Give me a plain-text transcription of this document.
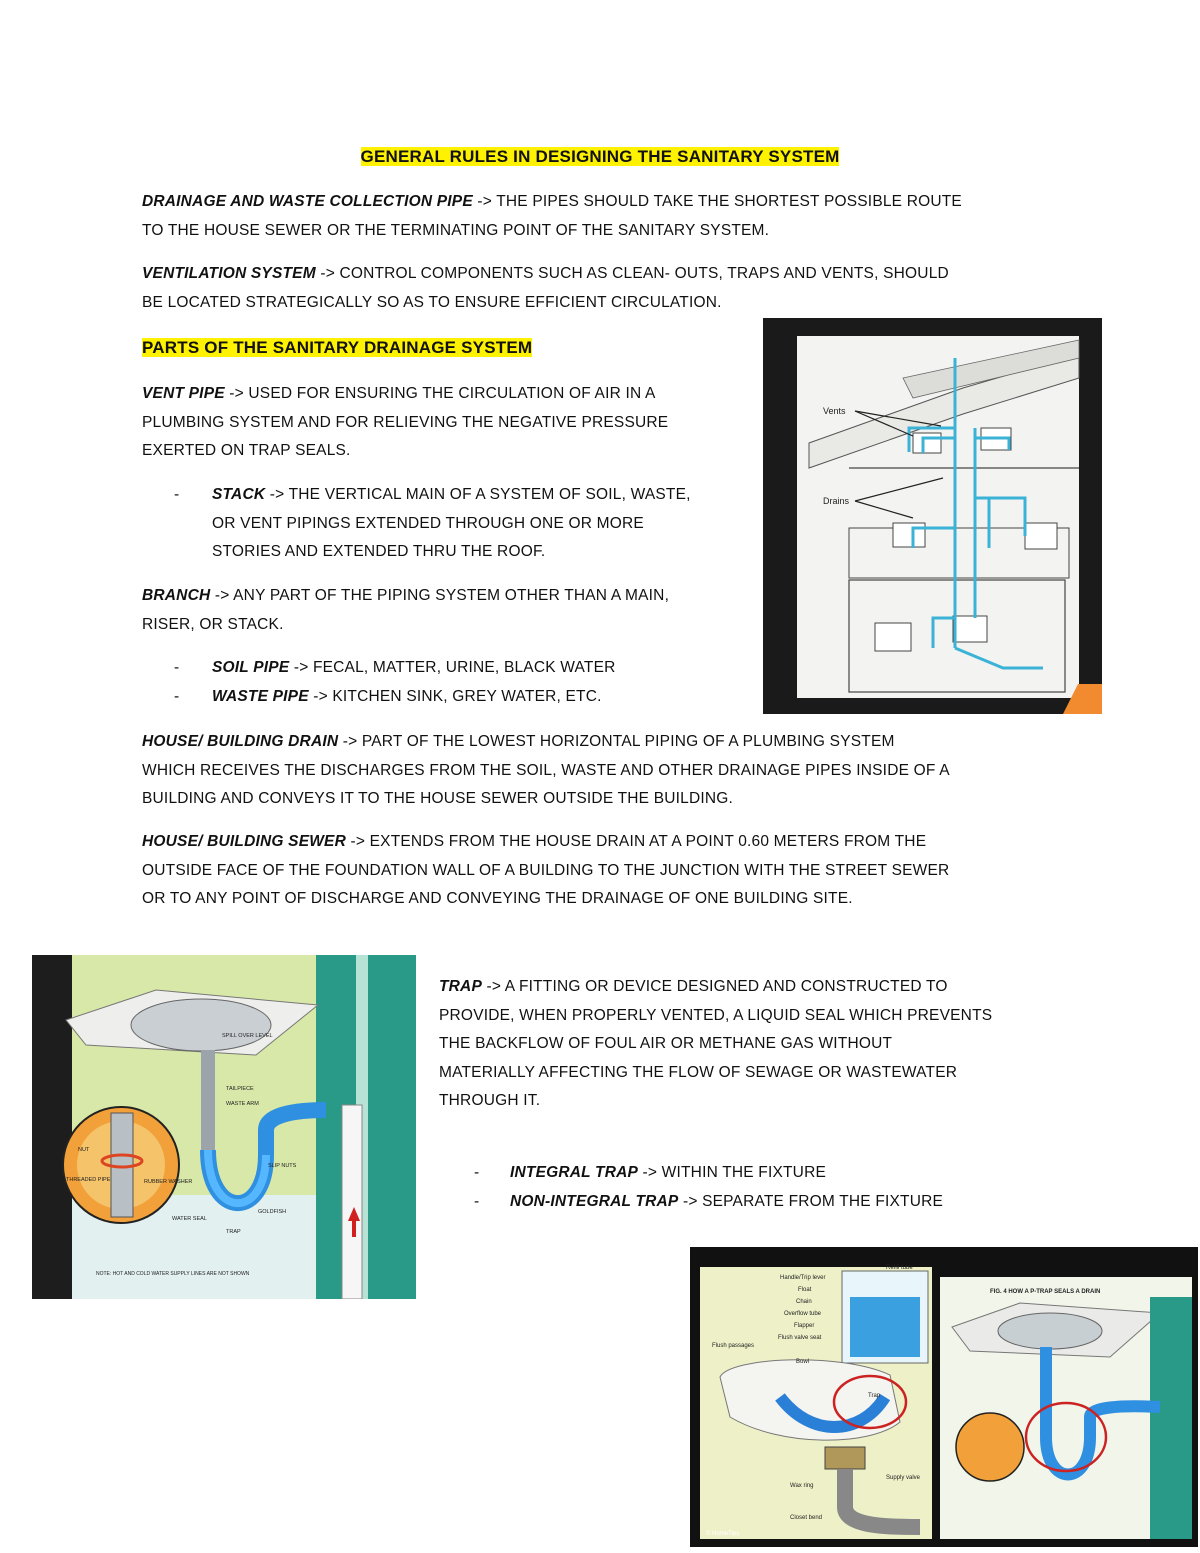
GENERAL RULES IN DESIGNING THE SANITARY SYSTEM
DRAINAGE AND WASTE COLLECTION PIPE -> THE PIPES SHOULD TAKE THE SHORTEST POSSIBLE ROUTE
TO THE HOUSE SEWER OR THE TERMINATING POINT OF THE SANITARY SYSTEM.
VENTILATION SYSTEM -> CONTROL COMPONENTS SUCH AS CLEAN- OUTS, TRAPS AND VENTS, SHOULD
BE LOCATED STRATEGICALLY SO AS TO ENSURE EFFICIENT CIRCULATION.
PARTS OF THE SANITARY DRAINAGE SYSTEM
VENT PIPE -> USED FOR ENSURING THE CIRCULATION OF AIR IN A
PLUMBING SYSTEM AND FOR RELIEVING THE NEGATIVE PRESSURE
EXERTED ON TRAP SEALS.
- STACK -> THE VERTICAL MAIN OF A SYSTEM OF SOIL, WASTE,
OR VENT PIPINGS EXTENDED THROUGH ONE OR MORE
STORIES AND EXTENDED THRU THE ROOF.
BRANCH -> ANY PART OF THE PIPING SYSTEM OTHER THAN A MAIN,
RISER, OR STACK.
- SOIL PIPE -> FECAL, MATTER, URINE, BLACK WATER
- WASTE PIPE -> KITCHEN SINK, GREY WATER, ETC.
HOUSE/ BUILDING DRAIN -> PART OF THE LOWEST HORIZONTAL PIPING OF A PLUMBING SYSTEM
WHICH RECEIVES THE DISCHARGES FROM THE SOIL, WASTE AND OTHER DRAINAGE PIPES INSIDE OF A
BUILDING AND CONVEYS IT TO THE HOUSE SEWER OUTSIDE THE BUILDING.
HOUSE/ BUILDING SEWER -> EXTENDS FROM THE HOUSE DRAIN AT A POINT 0.60 METERS FROM THE
OUTSIDE FACE OF THE FOUNDATION WALL OF A BUILDING TO THE JUNCTION WITH THE STREET SEWER
OR TO ANY POINT OF DISCHARGE AND CONVEYING THE DRAINAGE OF ONE BUILDING SITE.
TRAP -> A FITTING OR DEVICE DESIGNED AND CONSTRUCTED TO
PROVIDE, WHEN PROPERLY VENTED, A LIQUID SEAL WHICH PREVENTS
THE BACKFLOW OF FOUL AIR OR METHANE GAS WITHOUT
MATERIALLY AFFECTING THE FLOW OF SEWAGE OR WASTEWATER
THROUGH IT.
- INTEGRAL TRAP -> WITHIN THE FIXTURE
- NON-INTEGRAL TRAP -> SEPARATE FROM THE FIXTURE
Vents
Drains
SPILL OVER LEVEL
TAILPIECE
WASTE ARM
SLIP NUTS
NUT
THREADED PIPE	RUBBER WASHER
WATER SEAL
TRAP
GOLDFISH
NOTE: HOT AND COLD WATER SUPPLY LINES ARE NOT SHOWN
Handle/Trip lever
Refill tube
Float
Chain
Overflow tube
Flapper
Flush valve seat
Flush passages
Bowl
Trap
Wax ring
Supply valve
Closet bend
© HomeTips
FIG. 4 HOW A P-TRAP SEALS A DRAIN
